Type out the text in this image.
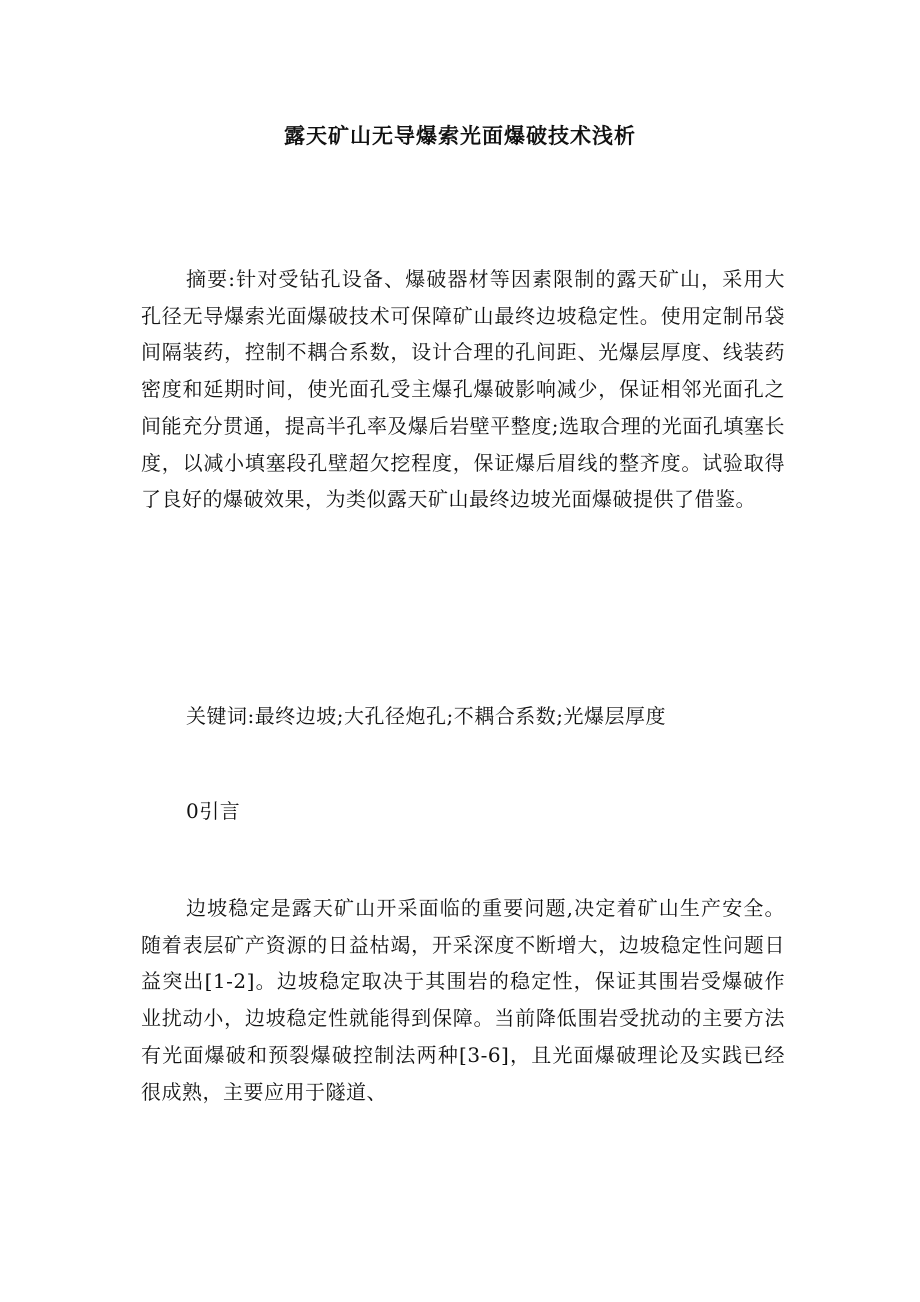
露天矿山无导爆索光面爆破技术浅析
摘要:针对受钻孔设备、爆破器材等因素限制的露天矿山，采用大孔径无导爆索光面爆破技术可保障矿山最终边坡稳定性。使用定制吊袋间隔装药，控制不耦合系数，设计合理的孔间距、光爆层厚度、线装药密度和延期时间，使光面孔受主爆孔爆破影响减少，保证相邻光面孔之间能充分贯通，提高半孔率及爆后岩壁平整度;选取合理的光面孔填塞长度，以减小填塞段孔壁超欠挖程度，保证爆后眉线的整齐度。试验取得了良好的爆破效果，为类似露天矿山最终边坡光面爆破提供了借鉴。
关键词:最终边坡;大孔径炮孔;不耦合系数;光爆层厚度
0引言
边坡稳定是露天矿山开采面临的重要问题,决定着矿山生产安全。随着表层矿产资源的日益枯竭，开采深度不断增大，边坡稳定性问题日益突出[1-2]。边坡稳定取决于其围岩的稳定性，保证其围岩受爆破作业扰动小，边坡稳定性就能得到保障。当前降低围岩受扰动的主要方法有光面爆破和预裂爆破控制法两种[3-6]，且光面爆破理论及实践已经很成熟，主要应用于隧道、
